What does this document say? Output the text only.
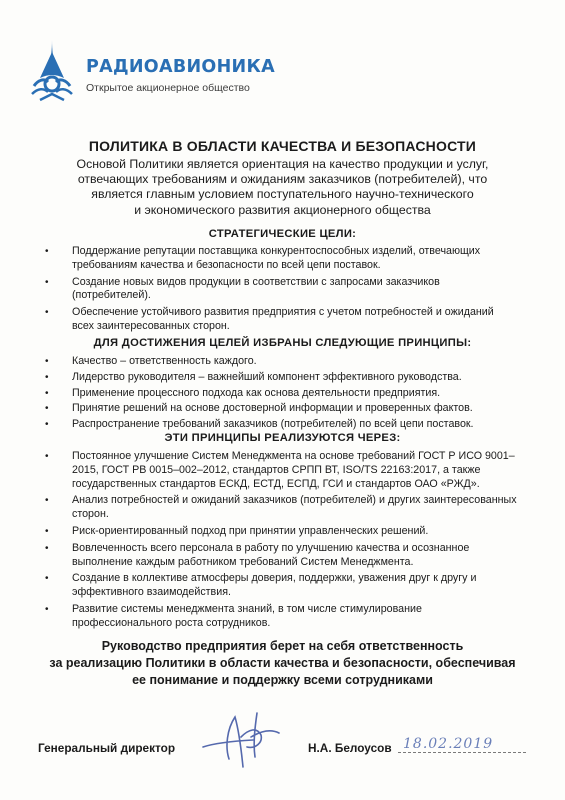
РАДИОАВИОНИКА
Открытое акционерное общество
ПОЛИТИКА В ОБЛАСТИ КАЧЕСТВА И БЕЗОПАСНОСТИ
Основой Политики является ориентация на качество продукции и услуг,
отвечающих требованиям и ожиданиям заказчиков (потребителей), что
является главным условием поступательного научно-технического
и экономического развития акционерного общества
СТРАТЕГИЧЕСКИЕ ЦЕЛИ:
• Поддержание репутации поставщика конкурентоспособных изделий, отвечающих требованиям качества и безопасности по всей цепи поставок.
• Создание новых видов продукции в соответствии с запросами заказчиков (потребителей).
• Обеспечение устойчивого развития предприятия с учетом потребностей и ожиданий всех заинтересованных сторон.
ДЛЯ ДОСТИЖЕНИЯ ЦЕЛЕЙ ИЗБРАНЫ СЛЕДУЮЩИЕ ПРИНЦИПЫ:
• Качество – ответственность каждого.
• Лидерство руководителя – важнейший компонент эффективного руководства.
• Применение процессного подхода как основа деятельности предприятия.
• Принятие решений на основе достоверной информации и проверенных фактов.
• Распространение требований заказчиков (потребителей) по всей цепи поставок.
ЭТИ ПРИНЦИПЫ РЕАЛИЗУЮТСЯ ЧЕРЕЗ:
• Постоянное улучшение Систем Менеджмента на основе требований ГОСТ Р ИСО 9001–2015, ГОСТ РВ 0015–002–2012, стандартов СРПП ВТ, ISO/TS 22163:2017, а также государственных стандартов ЕСКД, ЕСТД, ЕСПД, ГСИ и стандартов ОАО «РЖД».
• Анализ потребностей и ожиданий заказчиков (потребителей) и других заинтересованных сторон.
• Риск-ориентированный подход при принятии управленческих решений.
• Вовлеченность всего персонала в работу по улучшению качества и осознанное выполнение каждым работником требований Систем Менеджмента.
• Создание в коллективе атмосферы доверия, поддержки, уважения друг к другу и эффективного взаимодействия.
• Развитие системы менеджмента знаний, в том числе стимулирование профессионального роста сотрудников.
Руководство предприятия берет на себя ответственность
за реализацию Политики в области качества и безопасности, обеспечивая
ее понимание и поддержку всеми сотрудниками
Генеральный директор	Н.А. Белоусов 18.02.2019
